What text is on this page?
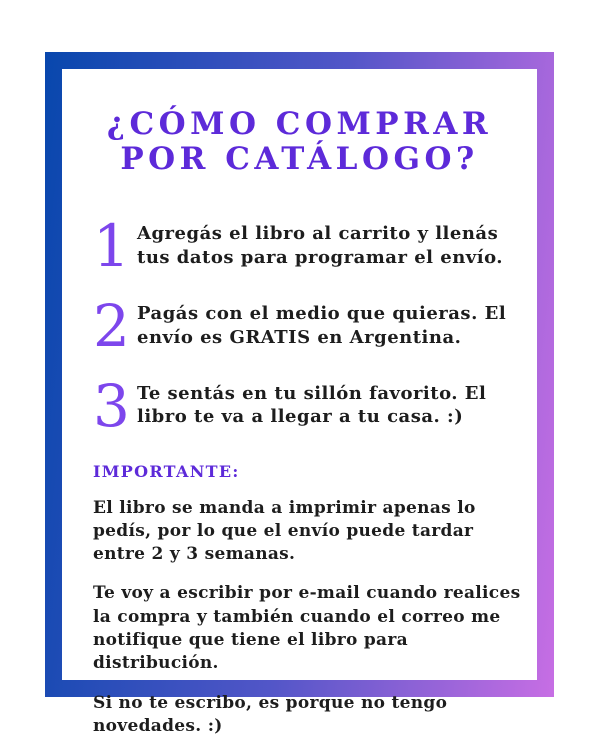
¿CÓMO COMPRAR
POR CATÁLOGO?
1 Agregás el libro al carrito y llenás tus datos para programar el envío.
2 Pagás con el medio que quieras. El envío es GRATIS en Argentina.
3 Te sentás en tu sillón favorito. El libro te va a llegar a tu casa. :)
IMPORTANTE:

El libro se manda a imprimir apenas lo pedís, por lo que el envío puede tardar entre 2 y 3 semanas.

Te voy a escribir por e-mail cuando realices la compra y también cuando el correo me notifique que tiene el libro para distribución.

Si no te escribo, es porque no tengo novedades. :)
